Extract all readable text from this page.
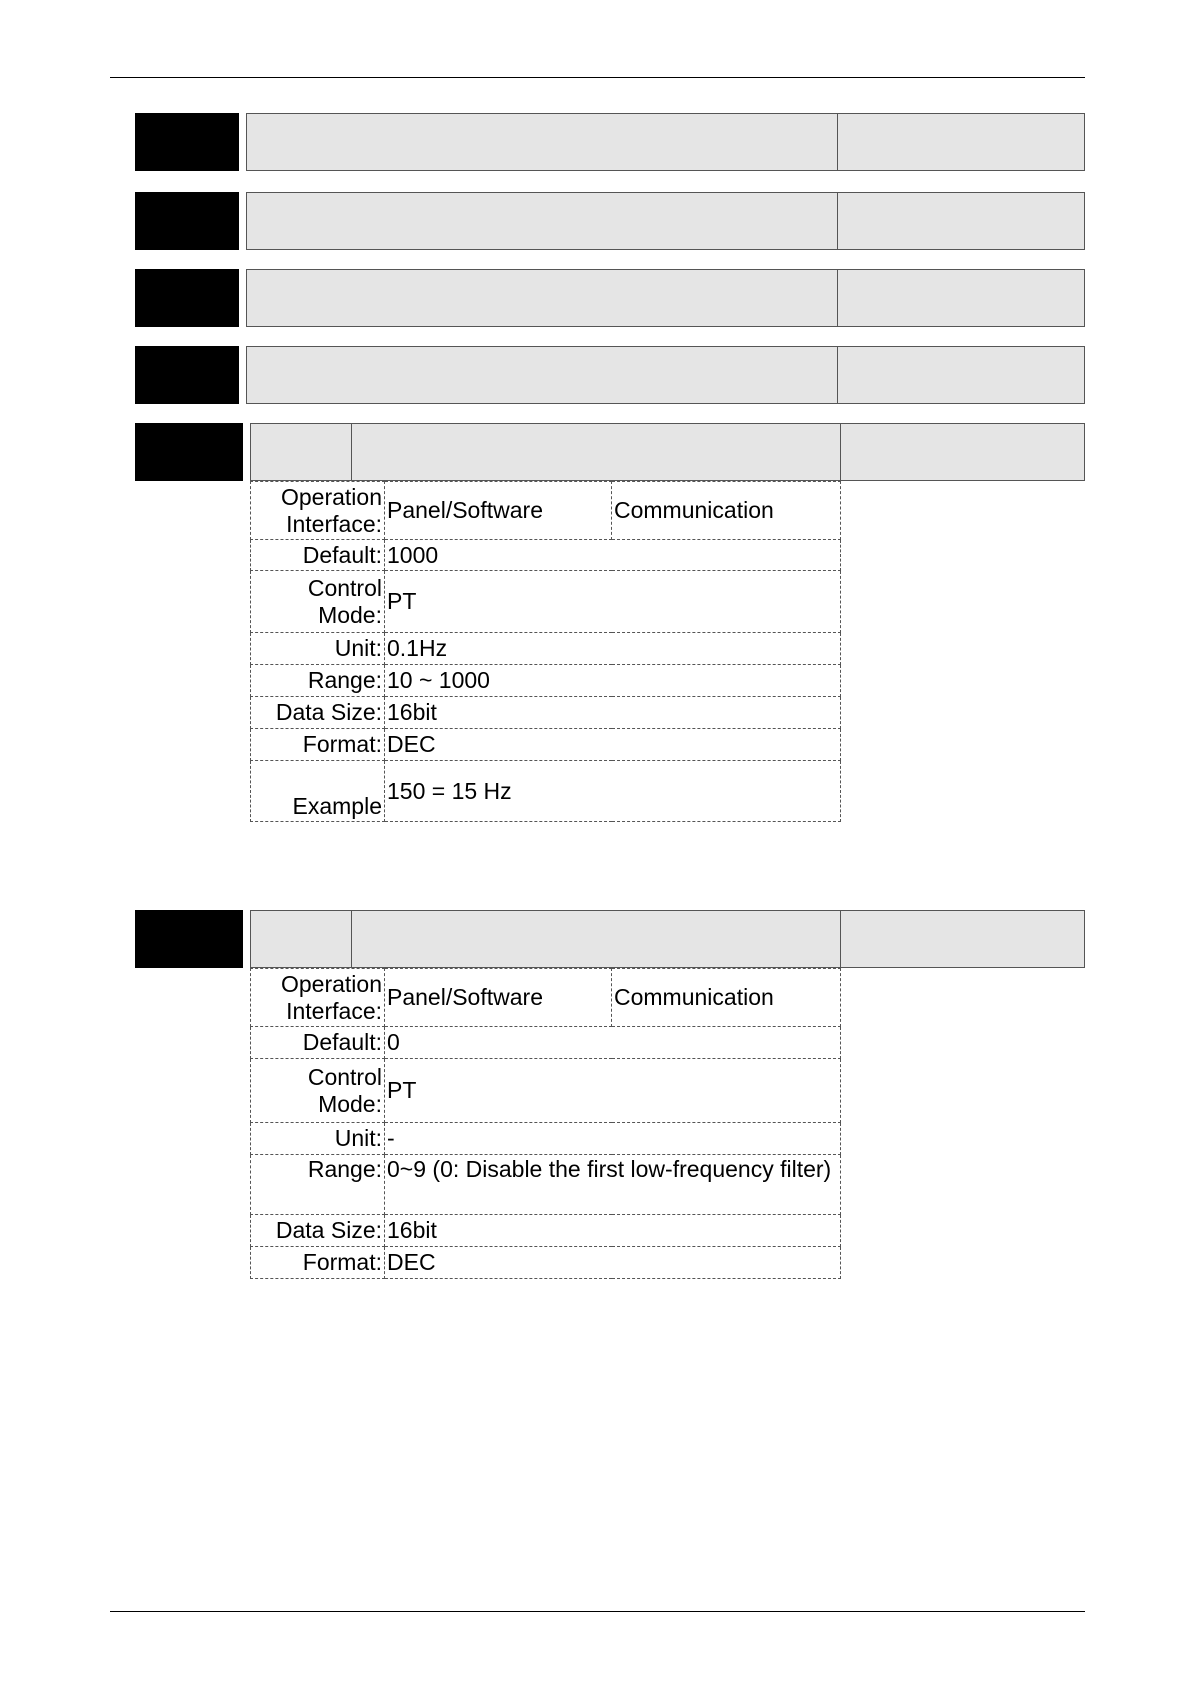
Operation Interface:	Panel/Software	Communication
Default:	1000	
Control Mode:	PT	
Unit:	0.1Hz	
Range:	10 ~ 1000	
Data Size:	16bit	
Format:	DEC	
Example	150 = 15 Hz	
Operation Interface:	Panel/Software	Communication
Default:	0	
Control Mode:	PT	
Unit:	-	
Range:	0~9 (0: Disable the first low-frequency filter)	
Data Size:	16bit	
Format:	DEC	
